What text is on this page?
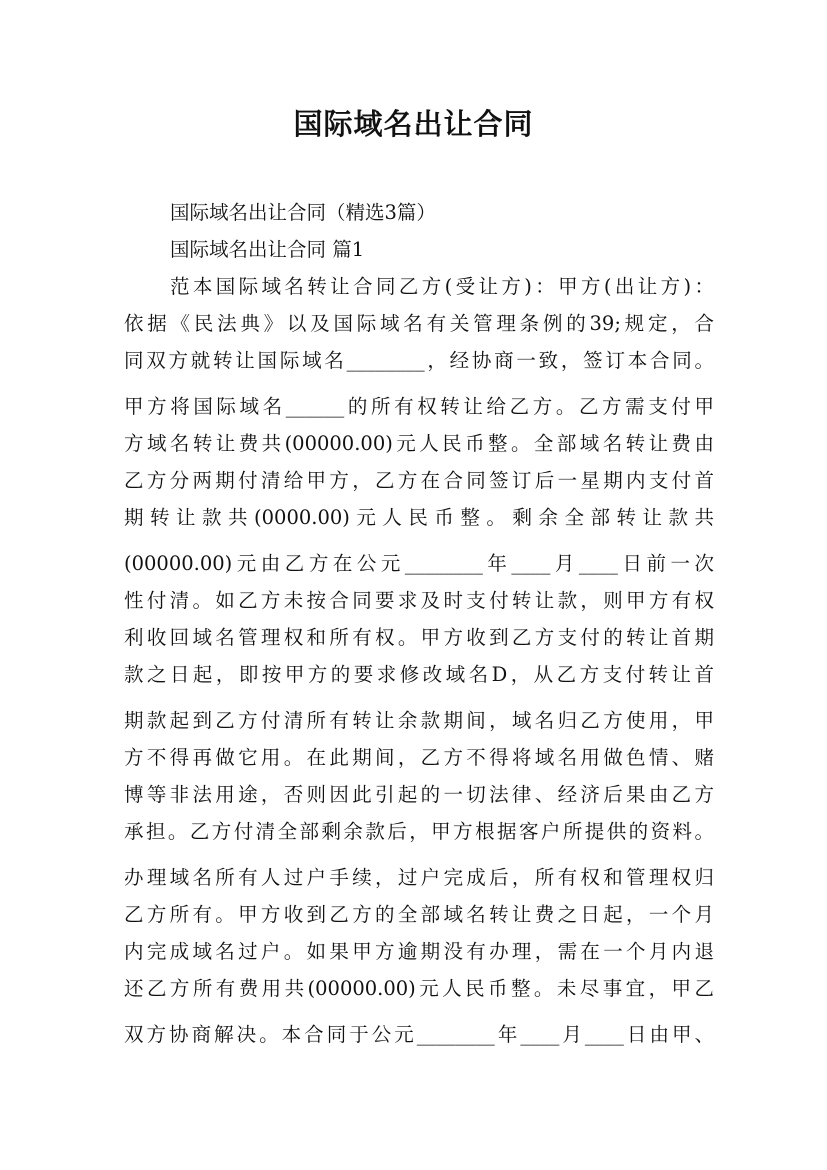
国际域名出让合同
国际域名出让合同（精选3篇）
国际域名出让合同 篇1
范本国际域名转让合同乙方(受让方)：甲方(出让方)：
依据《民法典》以及国际域名有关管理条例的39;规定，合
同双方就转让国际域名________，经协商一致，签订本合同。
甲方将国际域名______的所有权转让给乙方。乙方需支付甲
方域名转让费共(00000.00)元人民币整。全部域名转让费由
乙方分两期付清给甲方，乙方在合同签订后一星期内支付首
期转让款共(0000.00)元人民币整。剩余全部转让款共
(00000.00)元由乙方在公元________年____月____日前一次
性付清。如乙方未按合同要求及时支付转让款，则甲方有权
利收回域名管理权和所有权。甲方收到乙方支付的转让首期
款之日起，即按甲方的要求修改域名D，从乙方支付转让首
期款起到乙方付清所有转让余款期间，域名归乙方使用，甲
方不得再做它用。在此期间，乙方不得将域名用做色情、赌
博等非法用途，否则因此引起的一切法律、经济后果由乙方
承担。乙方付清全部剩余款后，甲方根据客户所提供的资料。
办理域名所有人过户手续，过户完成后，所有权和管理权归
乙方所有。甲方收到乙方的全部域名转让费之日起，一个月
内完成域名过户。如果甲方逾期没有办理，需在一个月内退
还乙方所有费用共(00000.00)元人民币整。未尽事宜，甲乙
双方协商解决。本合同于公元________年____月____日由甲、
